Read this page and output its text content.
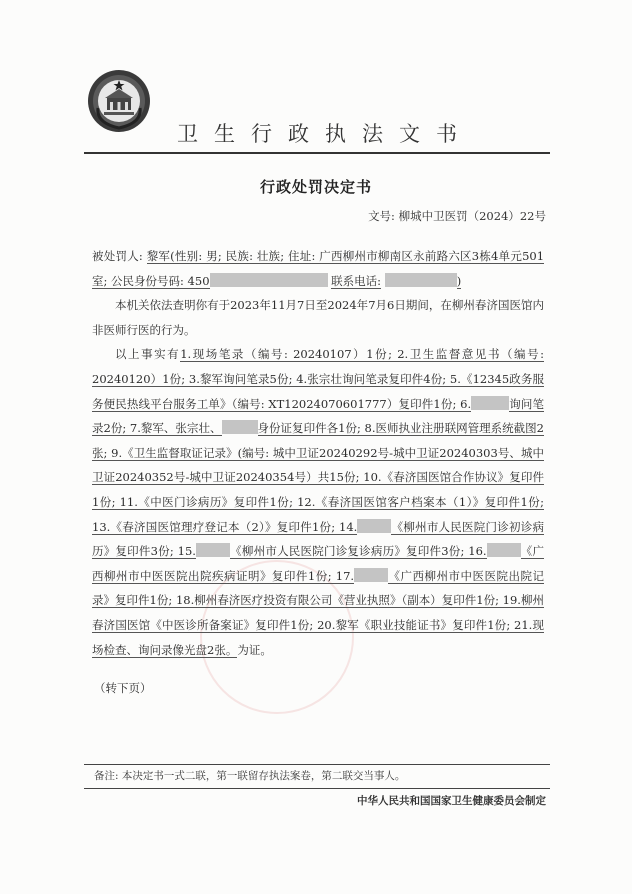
卫生行政执法文书
行政处罚决定书
文号: 柳城中卫医罚（2024）22号

被处罚人: 黎军(性别: 男; 民族: 壮族; 住址: 广西柳州市柳南区永前路六区3栋4单元501室; 公民身份号码: 450	联系电话:	)

本机关依法查明你有于2023年11月7日至2024年7月6日期间，在柳州春济国医馆内非医师行医的行为。

以上事实有1.现场笔录（编号: 20240107）1份; 2.卫生监督意见书（编号: 20240120）1份; 3.黎军询问笔录5份; 4.张宗壮询问笔录复印件4份; 5.《12345政务服务便民热线平台服务工单》（编号: XT12024070601777）复印件1份; 6.	询问笔录2份; 7.黎军、张宗壮、	身份证复印件各1份; 8.医师执业注册联网管理系统截图2张; 9.《卫生监督取证记录》(编号: 城中卫证20240292号-城中卫证20240303号、城中卫证20240352号-城中卫证20240354号）共15份; 10.《春济国医馆合作协议》复印件1份; 11.《中医门诊病历》复印件1份; 12.《春济国医馆客户档案本（1）》复印件1份; 13.《春济国医馆理疗登记本（2）》复印件1份; 14.	《柳州市人民医院门诊初诊病历》复印件3份; 15.	《柳州市人民医院门诊复诊病历》复印件3份; 16.	《广西柳州市中医医院出院疾病证明》复印件1份; 17.	《广西柳州市中医医院出院记录》复印件1份; 18.柳州春济医疗投资有限公司《营业执照》（副本）复印件1份; 19.柳州春济国医馆《中医诊所备案证》复印件1份; 20.黎军《职业技能证书》复印件1份; 21.现场检查、询问录像光盘2张。为证。

（转下页）
备注: 本决定书一式二联，第一联留存执法案卷，第二联交当事人。
中华人民共和国国家卫生健康委员会制定
